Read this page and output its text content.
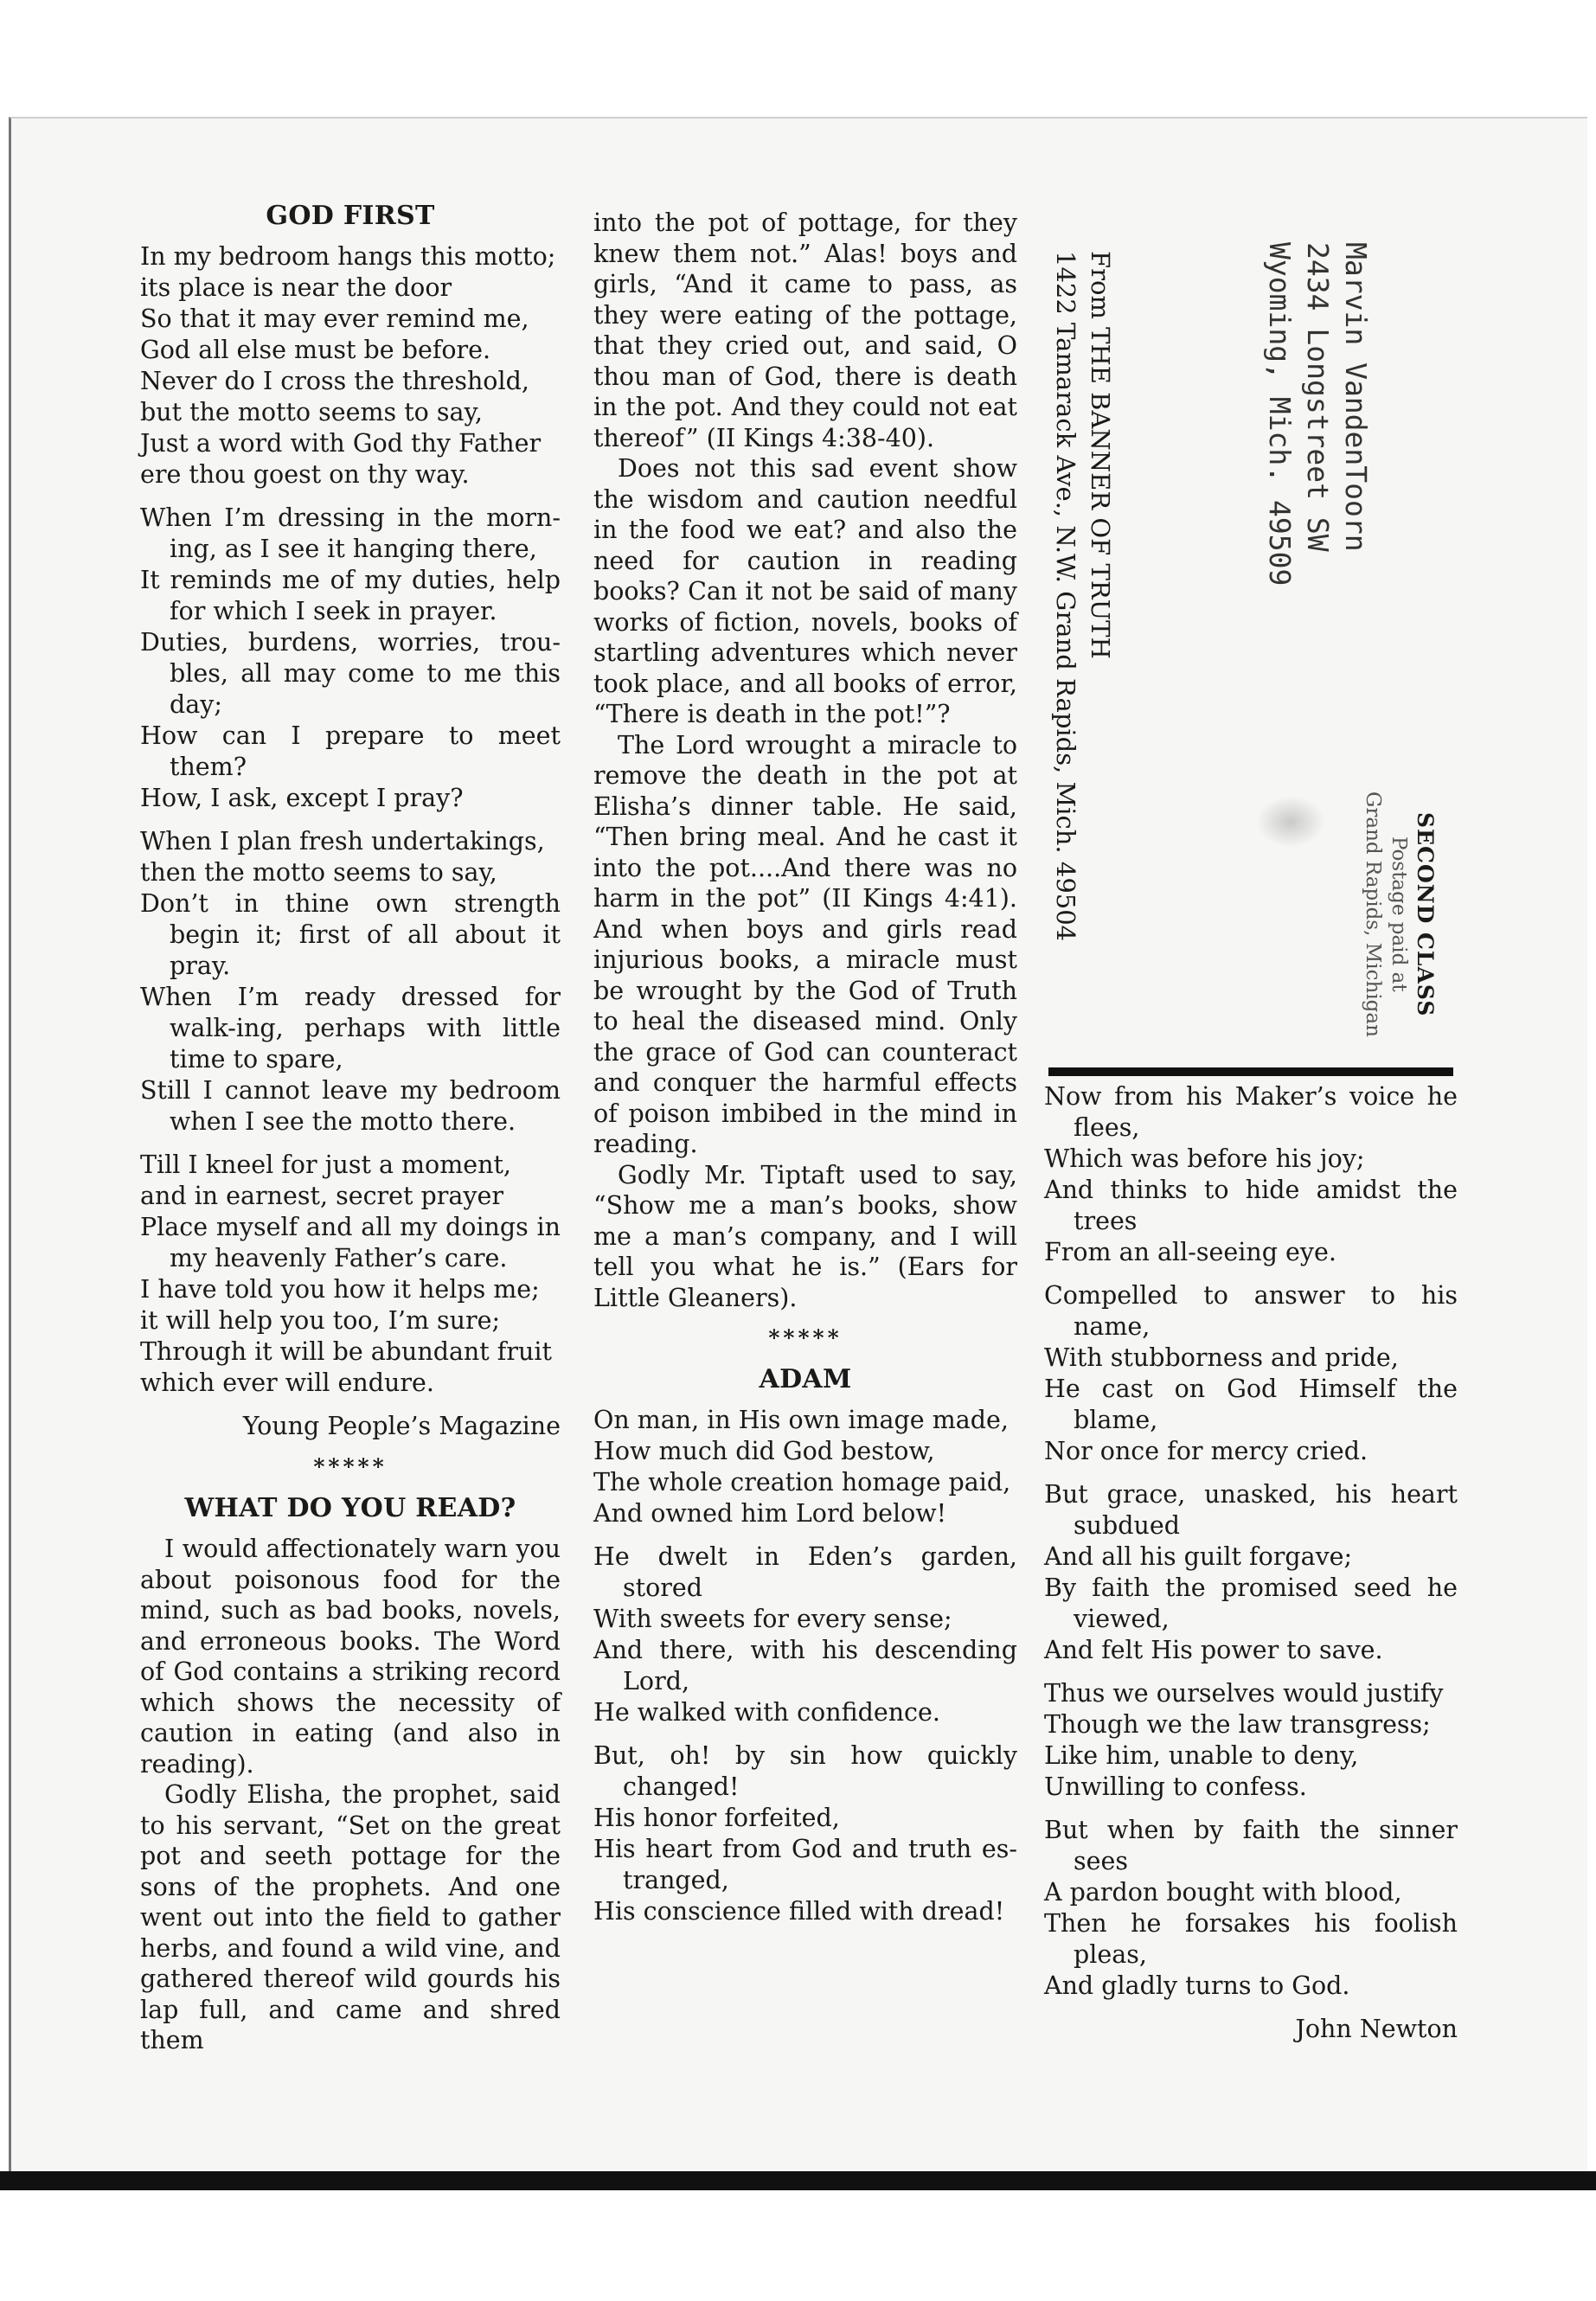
GOD FIRST
In my bedroom hangs this motto;
its place is near the door
So that it may ever remind me,
God all else must be before.
Never do I cross the threshold,
but the motto seems to say,
Just a word with God thy Father
ere thou goest on thy way.
When I’m dressing in the morn-ing, as I see it hanging there,
It reminds me of my duties, help for which I seek in prayer.
Duties, burdens, worries, trou-bles, all may come to me this day;
How can I prepare to meet them?
How, I ask, except I pray?
When I plan fresh undertakings,
then the motto seems to say,
Don’t in thine own strength begin it; first of all about it pray.
When I’m ready dressed for walk-ing, perhaps with little time to spare,
Still I cannot leave my bedroom when I see the motto there.
Till I kneel for just a moment,
and in earnest, secret prayer
Place myself and all my doings in my heavenly Father’s care.
I have told you how it helps me;
it will help you too, I’m sure;
Through it will be abundant fruit
which ever will endure.
Young People’s Magazine
*****
WHAT DO YOU READ?

I would affectionately warn you about poisonous food for the mind, such as bad books, novels, and erroneous books. The Word of God contains a striking record which shows the necessity of caution in eating (and also in reading).

Godly Elisha, the prophet, said to his servant, “Set on the great pot and seeth pottage for the sons of the prophets. And one went out into the field to gather herbs, and found a wild vine, and gathered thereof wild gourds his lap full, and came and shred them

into the pot of pottage, for they knew them not.” Alas! boys and girls, “And it came to pass, as they were eating of the pottage, that they cried out, and said, O thou man of God, there is death in the pot. And they could not eat thereof” (II Kings 4:38-40).

Does not this sad event show the wisdom and caution needful in the food we eat? and also the need for caution in reading books? Can it not be said of many works of fiction, novels, books of startling adventures which never took place, and all books of error, “There is death in the pot!”?

The Lord wrought a miracle to remove the death in the pot at Elisha’s dinner table. He said, “Then bring meal. And he cast it into the pot....And there was no harm in the pot” (II Kings 4:41). And when boys and girls read injurious books, a miracle must be wrought by the God of Truth to heal the diseased mind. Only the grace of God can counteract and conquer the harmful effects of poison imbibed in the mind in reading.

Godly Mr. Tiptaft used to say, “Show me a man’s books, show me a man’s company, and I will tell you what he is.” (Ears for Little Gleaners).

*****
ADAM
On man, in His own image made,
How much did God bestow,
The whole creation homage paid,
And owned him Lord below!
He dwelt in Eden’s garden, stored
With sweets for every sense;
And there, with his descending Lord,
He walked with confidence.
But, oh! by sin how quickly changed!
His honor forfeited,
His heart from God and truth es-tranged,
His conscience filled with dread!
From THE BANNER OF TRUTH
1422 Tamarack Ave., N.W. Grand Rapids, Mich. 49504	Marvin VandenToorn
2434 Longstreet SW
Wyoming, Mich. 49509
SECOND CLASS
Postage paid at
Grand Rapids, Michigan
Now from his Maker’s voice he flees,
Which was before his joy;
And thinks to hide amidst the trees
From an all-seeing eye.
Compelled to answer to his name,
With stubborness and pride,
He cast on God Himself the blame,
Nor once for mercy cried.
But grace, unasked, his heart subdued
And all his guilt forgave;
By faith the promised seed he viewed,
And felt His power to save.
Thus we ourselves would justify
Though we the law transgress;
Like him, unable to deny,
Unwilling to confess.
But when by faith the sinner sees
A pardon bought with blood,
Then he forsakes his foolish pleas,
And gladly turns to God.
John Newton
